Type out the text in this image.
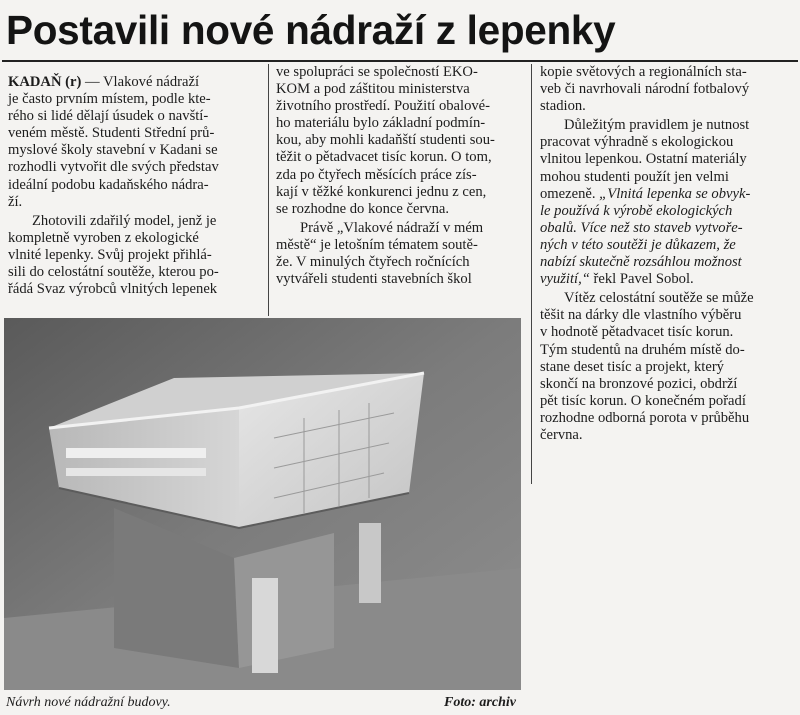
Postavili nové nádraží z lepenky

KADAŇ (r) — Vlakové nádraží
je často prvním místem, podle kte-
rého si lidé dělají úsudek o navští-
veném městě. Studenti Střední prů-
myslové školy stavební v Kadani se
rozhodli vytvořit dle svých představ
ideální podobu kadaňského nádra-
ží.

Zhotovili zdařilý model, jenž je
kompletně vyroben z ekologické
vlnité lepenky. Svůj projekt přihlá-
sili do celostátní soutěže, kterou po-
řádá Svaz výrobců vlnitých lepenek

ve spolupráci se společností EKO-
KOM a pod záštitou ministerstva
životního prostředí. Použití obalové-
ho materiálu bylo základní podmín-
kou, aby mohli kadaňští studenti sou-
těžit o pětadvacet tisíc korun. O tom,
zda po čtyřech měsících práce zís-
kají v těžké konkurenci jednu z cen,
se rozhodne do konce června.

Právě „Vlakové nádraží v mém
městě“ je letošním tématem soutě-
že. V minulých čtyřech ročnících
vytvářeli studenti stavebních škol

kopie světových a regionálních sta-
veb či navrhovali národní fotbalový
stadion.

Důležitým pravidlem je nutnost
pracovat výhradně s ekologickou
vlnitou lepenkou. Ostatní materiály
mohou studenti použít jen velmi
omezeně. „Vlnitá lepenka se obvyk-
le používá k výrobě ekologických
obalů. Více než sto staveb vytvoře-
ných v této soutěži je důkazem, že
nabízí skutečně rozsáhlou možnost
využití,“ řekl Pavel Sobol.

Vítěz celostátní soutěže se může
těšit na dárky dle vlastního výběru
v hodnotě pětadvacet tisíc korun.
Tým studentů na druhém místě do-
stane deset tisíc a projekt, který
skončí na bronzové pozici, obdrží
pět tisíc korun. O konečném pořadí
rozhodne odborná porota v průběhu
června.

Návrh nové nádražní budovy.	Foto: archiv
